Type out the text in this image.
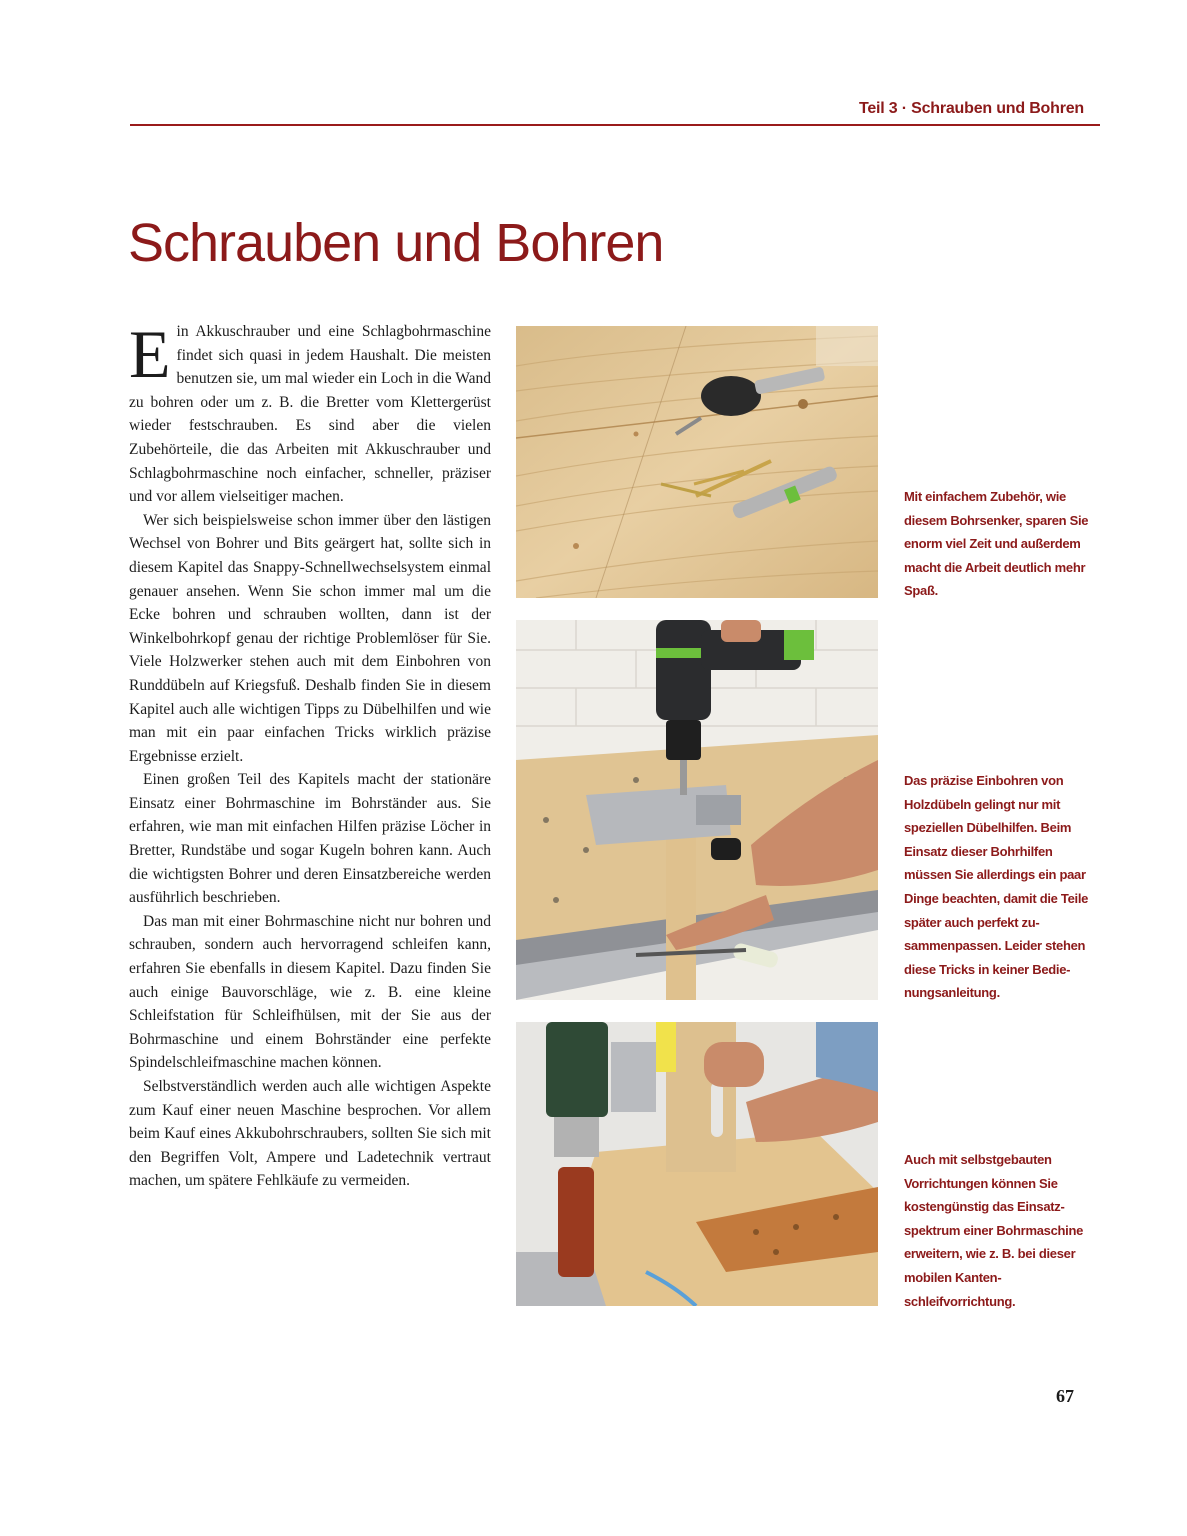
Teil 3 · Schrauben und Bohren
Schrauben und Bohren

Ein Akkuschrauber und eine Schlagbohrmaschine findet sich quasi in jedem Haushalt. Die meisten benutzen sie, um mal wieder ein Loch in die Wand zu bohren oder um z. B. die Bretter vom Klettergerüst wieder festschrauben. Es sind aber die vielen Zubehörteile, die das Arbeiten mit Akkuschrauber und Schlagbohrmaschine noch einfacher, schneller, präziser und vor allem vielseitiger machen.

Wer sich beispielsweise schon immer über den lästigen Wechsel von Bohrer und Bits geärgert hat, sollte sich in diesem Kapitel das Snappy-Schnellwechselsystem einmal genauer ansehen. Wenn Sie schon immer mal um die Ecke bohren und schrauben wollten, dann ist der Winkelbohrkopf genau der richtige Problemlöser für Sie. Viele Holzwerker stehen auch mit dem Einbohren von Runddübeln auf Kriegsfuß. Deshalb finden Sie in diesem Kapitel auch alle wichtigen Tipps zu Dübelhilfen und wie man mit ein paar einfachen Tricks wirklich präzise Ergebnisse erzielt.

Einen großen Teil des Kapitels macht der stationäre Einsatz einer Bohrmaschine im Bohrständer aus. Sie erfahren, wie man mit einfachen Hilfen präzise Löcher in Bretter, Rundstäbe und sogar Kugeln bohren kann. Auch die wichtigsten Bohrer und deren Einsatzbereiche werden ausführlich beschrieben.

Das man mit einer Bohrmaschine nicht nur bohren und schrauben, sondern auch hervorragend schleifen kann, erfahren Sie ebenfalls in diesem Kapitel. Dazu finden Sie auch einige Bauvorschläge, wie z. B. eine kleine Schleifstation für Schleifhülsen, mit der Sie aus der Bohrmaschine und einem Bohrständer eine perfekte Spindelschleifmaschine machen können.

Selbstverständlich werden auch alle wichtigen Aspekte zum Kauf einer neuen Maschine besprochen. Vor allem beim Kauf eines Akkubohrschraubers, sollten Sie sich mit den Begriffen Volt, Ampere und Ladetechnik vertraut machen, um spätere Fehlkäufe zu vermeiden.

Mit einfachem Zubehör, wie diesem Bohrsenker, sparen Sie enorm viel Zeit und außerdem macht die Arbeit deutlich mehr Spaß.
Das präzise Einbohren von Holzdübeln gelingt nur mit speziellen Dübelhilfen. Beim Einsatz dieser Bohrhilfen müssen Sie allerdings ein paar Dinge beachten, damit die Teile später auch perfekt zusammenpassen. Leider stehen diese Tricks in keiner Bedienungsanleitung.
Auch mit selbstgebauten Vorrichtungen können Sie kostengünstig das Einsatzspektrum einer Bohrmaschine erweitern, wie z. B. bei dieser mobilen Kantenschleifvorrichtung.
67
